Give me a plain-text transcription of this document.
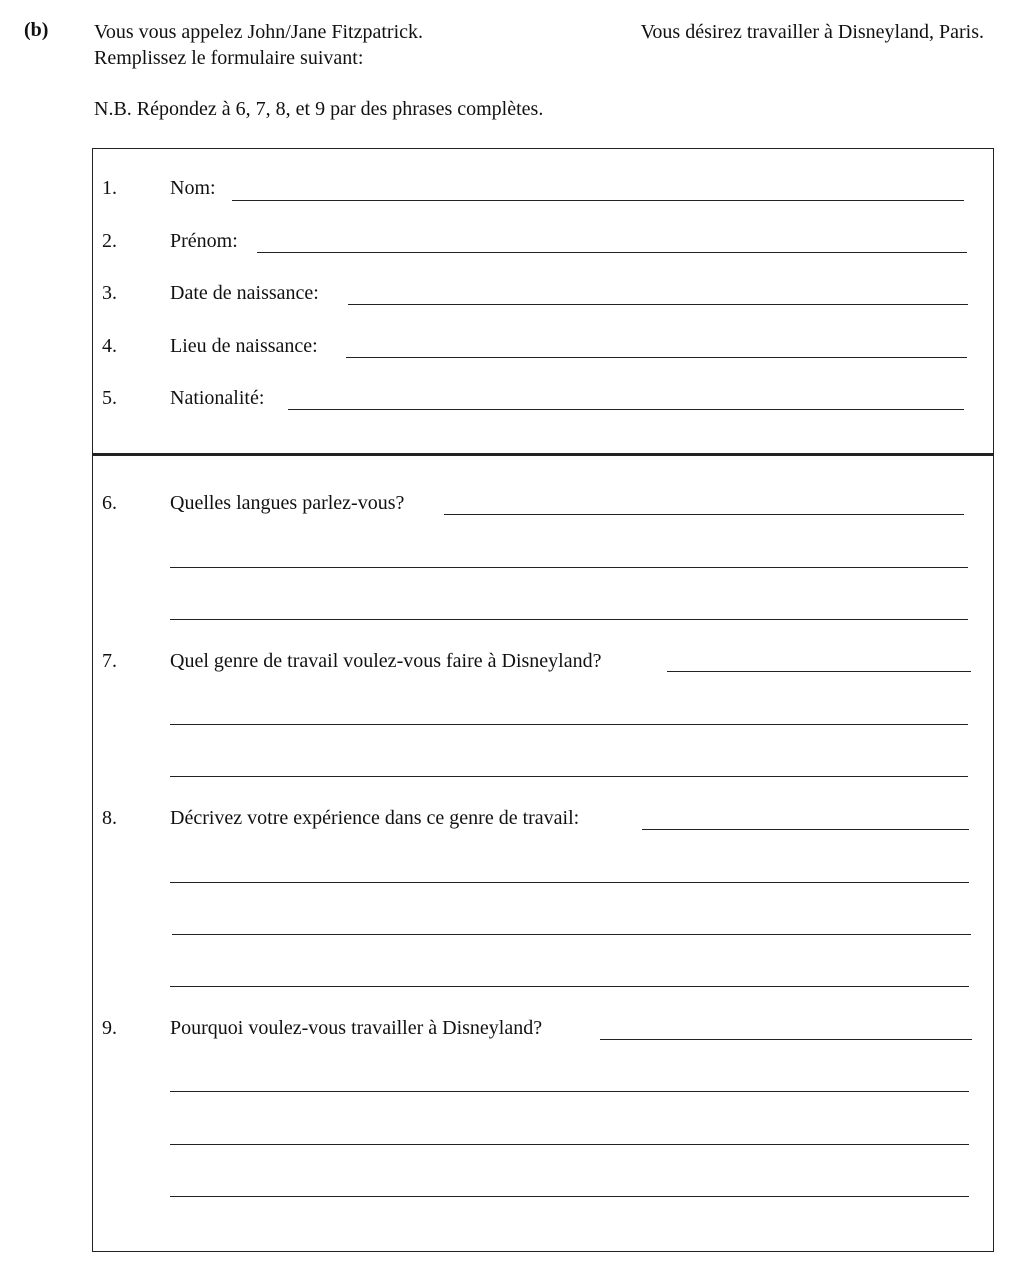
(b) Vous vous appelez John/Jane Fitzpatrick.	Vous désirez travailler à Disneyland, Paris.
Remplissez le formulaire suivant:
N.B. Répondez à 6, 7, 8, et 9 par des phrases complètes.
1.	Nom:
2.	Prénom:
3.	Date de naissance:
4.	Lieu de naissance:
5.	Nationalité:
6.	Quelles langues parlez-vous?
7.	Quel genre de travail voulez-vous faire à Disneyland?
8.	Décrivez votre expérience dans ce genre de travail:
9.	Pourquoi voulez-vous travailler à Disneyland?
